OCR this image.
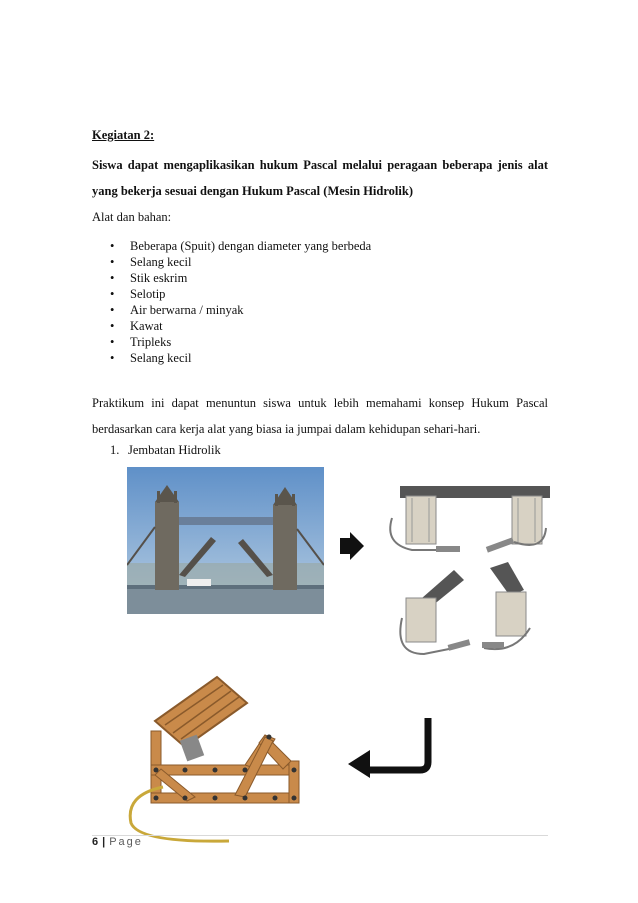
Kegiatan 2:
Siswa dapat mengaplikasikan hukum Pascal melalui peragaan beberapa jenis alat yang bekerja sesuai dengan Hukum Pascal (Mesin Hidrolik)
Alat dan bahan:
• Beberapa (Spuit) dengan diameter yang berbeda
• Selang kecil
• Stik eskrim
• Selotip
• Air berwarna / minyak
• Kawat
• Tripleks
• Selang kecil
Praktikum ini dapat menuntun siswa untuk lebih memahami konsep Hukum Pascal berdasarkan cara kerja alat yang biasa ia jumpai dalam kehidupan sehari-hari.
1. Jembatan Hidrolik
6 | Page
